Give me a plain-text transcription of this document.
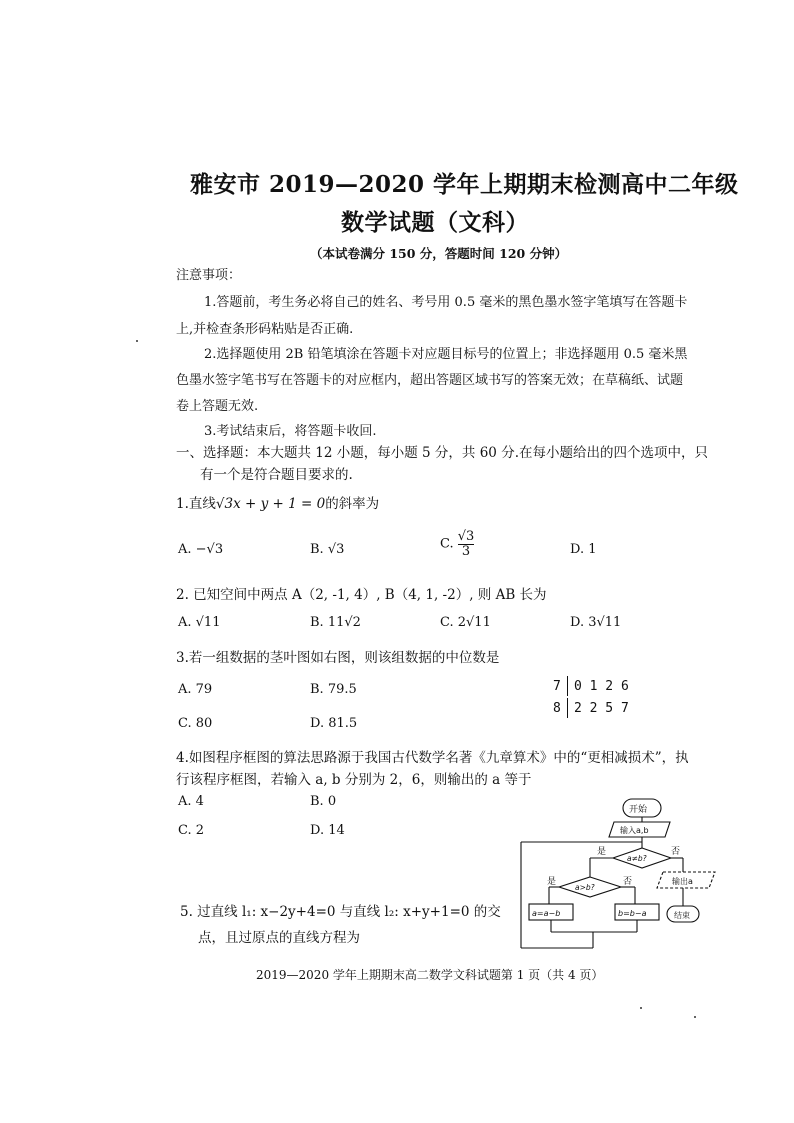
雅安市 2019—2020 学年上期期末检测高中二年级
数学试题（文科）
（本试卷满分 150 分，答题时间 120 分钟）
注意事项：
1.答题前，考生务必将自己的姓名、考号用 0.5 毫米的黑色墨水签字笔填写在答题卡
上,并检查条形码粘贴是否正确.
2.选择题使用 2B 铅笔填涂在答题卡对应题目标号的位置上；非选择题用 0.5 毫米黑
色墨水签字笔书写在答题卡的对应框内，超出答题区域书写的答案无效；在草稿纸、试题
卷上答题无效.
3.考试结束后，将答题卡收回.
一、选择题：本大题共 12 小题，每小题 5 分，共 60 分.在每小题给出的四个选项中，只
有一个是符合题目要求的.
1.直线√3x + y + 1 = 0的斜率为
A. −√3	B. √3	C. $\frac{√3}{3}$	D. 1
2. 已知空间中两点 A（2, -1, 4）, B（4, 1, -2）, 则 AB 长为
A. √11	B. 11√2	C. 2√11	D. 3√11
3.若一组数据的茎叶图如右图，则该组数据的中位数是
A. 79	B. 79.5
C. 80	D. 81.5
7	0 1 2 6
8	2 2 5 7
4.如图程序框图的算法思路源于我国古代数学名著《九章算术》中的“更相减损术”，执
行该程序框图，若输入 a, b 分别为 2，6，则输出的 a 等于
A. 4	B. 0
C. 2	D. 14
开始
输入a,b
a≠b?
是	否
a>b?
是	否
a=a−b	b=b−a
输出a
结束
5. 过直线 l₁: x−2y+4=0 与直线 l₂: x+y+1=0 的交
点，且过原点的直线方程为
2019—2020 学年上期期末高二数学文科试题第 1 页（共 4 页）
